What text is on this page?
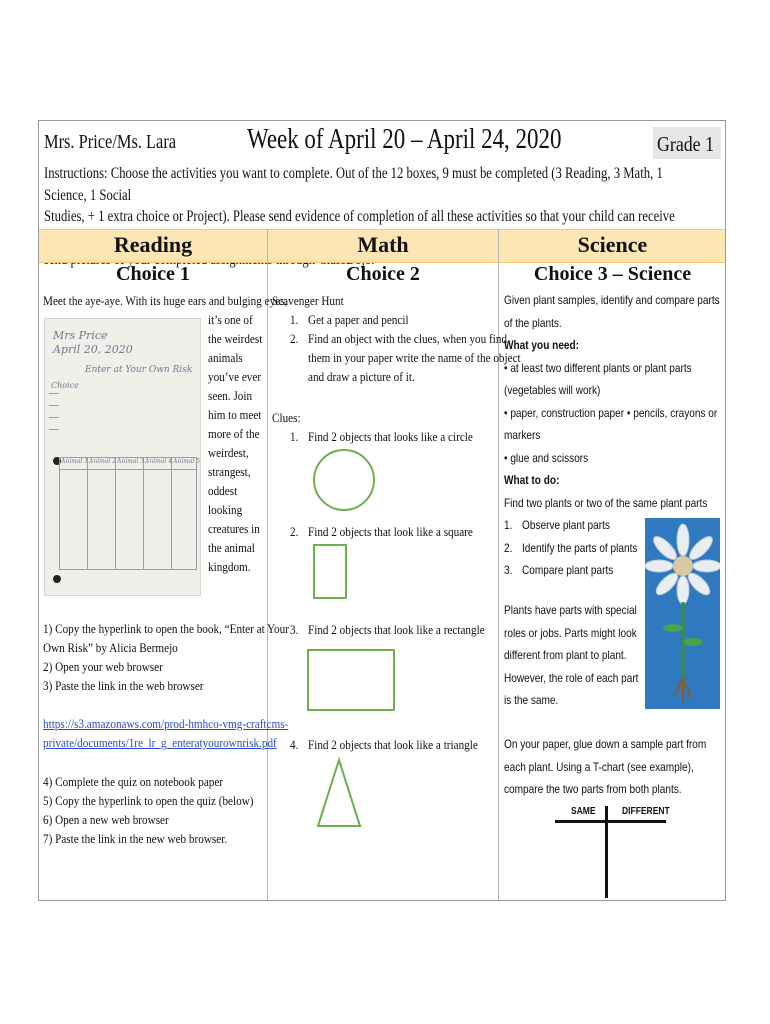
Mrs. Price/Ms. Lara	Week of April 20 – April 24, 2020	Grade 1
Instructions: Choose the activities you want to complete. Out of the 12 boxes, 9 must be completed (3 Reading, 3 Math, 1 Science, 1 Social
Studies, + 1 extra choice or Project). Please send evidence of completion of all these activities so that your child can receive
Reading	Math	Science
Choice 1
Meet the aye-aye. With its huge ears and bulging eyes,
it’s one of
the weirdest
animals
you’ve ever
seen. Join
him to meet
more of the
weirdest,
strangest,
oddest
looking
creatures in
the animal
kingdom.
Mrs Price
April 20, 2020
Enter at Your Own Risk
Choice
Animal 1 Animal 2 Animal 3 Animal 4 Animal 5
1) Copy the hyperlink to open the book, “Enter at Your
Own Risk” by Alicia Bermejo
2) Open your web browser
3) Paste the link in the web browser
https://s3.amazonaws.com/prod-hmhco-vmg-craftcms-
private/documents/1re_lr_g_enteratyourownrisk.pdf
4) Complete the quiz on notebook paper
5) Copy the hyperlink to open the quiz (below)
6) Open a new web browser
7) Paste the link in the new web browser.
Choice 2
Scavenger Hunt
1. Get a paper and pencil
2. Find an object with the clues, when you find
them in your paper write the name of the object
and draw a picture of it.
Clues:
1. Find 2 objects that looks like a circle
2. Find 2 objects that look like a square
3. Find 2 objects that look like a rectangle
4. Find 2 objects that look like a triangle
Choice 3 – Science
Given plant samples, identify and compare parts
of the plants.
What you need:
• at least two different plants or plant parts
(vegetables will work)
• paper, construction paper • pencils, crayons or
markers
• glue and scissors
What to do:
Find two plants or two of the same plant parts
1.
2.
3.
Observe plant parts
Identify the parts of plants
Compare plant parts
Plants have parts with special
roles or jobs. Parts might look
different from plant to plant.
However, the role of each part
is the same.
On your paper, glue down a sample part from
each plant. Using a T-chart (see example),
compare the two parts from both plants.
SAME	DIFFERENT
